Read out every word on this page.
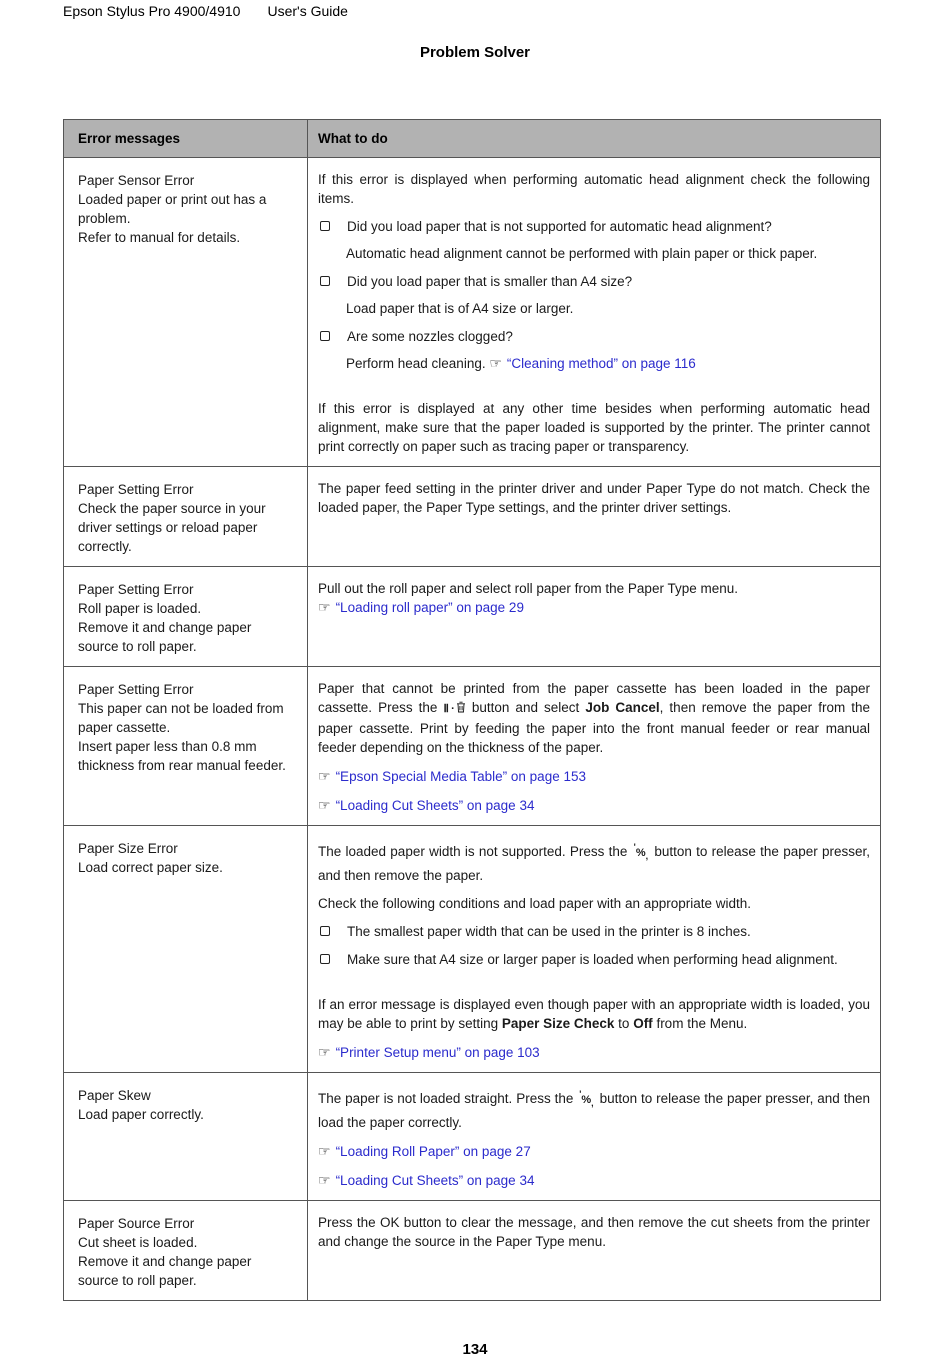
Epson Stylus Pro 4900/4910 User's Guide
Problem Solver
Error messages	What to do
Paper Sensor Error
Loaded paper or print out has a problem.
Refer to manual for details.
If this error is displayed when performing automatic head alignment check the following items.
Did you load paper that is not supported for automatic head alignment?
Automatic head alignment cannot be performed with plain paper or thick paper.
Did you load paper that is smaller than A4 size?
Load paper that is of A4 size or larger.
Are some nozzles clogged?
Perform head cleaning. ☞ “Cleaning method” on page 116
If this error is displayed at any other time besides when performing automatic head alignment, make sure that the paper loaded is supported by the printer. The printer cannot print correctly on paper such as tracing paper or transparency.
Paper Setting Error
Check the paper source in your driver settings or reload paper correctly.
The paper feed setting in the printer driver and under Paper Type do not match. Check the loaded paper, the Paper Type settings, and the printer driver settings.
Paper Setting Error
Roll paper is loaded.
Remove it and change paper source to roll paper.
Pull out the roll paper and select roll paper from the Paper Type menu.
☞ “Loading roll paper” on page 29
Paper Setting Error
This paper can not be loaded from paper cassette.
Insert paper less than 0.8 mm thickness from rear manual feeder.
Paper that cannot be printed from the paper cassette has been loaded in the paper cassette. Press the Ⅱ· button and select Job Cancel, then remove the paper from the paper cassette. Print by feeding the paper into the front manual feeder or rear manual feeder depending on the thickness of the paper.
☞ “Epson Special Media Table” on page 153
☞ “Loading Cut Sheets” on page 34
Paper Size Error
Load correct paper size.
The loaded paper width is not supported. Press the ' % , button to release the paper presser, and then remove the paper.
Check the following conditions and load paper with an appropriate width.
The smallest paper width that can be used in the printer is 8 inches.
Make sure that A4 size or larger paper is loaded when performing head alignment.
If an error message is displayed even though paper with an appropriate width is loaded, you may be able to print by setting Paper Size Check to Off from the Menu.
☞ “Printer Setup menu” on page 103
Paper Skew
Load paper correctly.
The paper is not loaded straight. Press the ' % , button to release the paper presser, and then load the paper correctly.
☞ “Loading Roll Paper” on page 27
☞ “Loading Cut Sheets” on page 34
Paper Source Error
Cut sheet is loaded.
Remove it and change paper source to roll paper.
Press the OK button to clear the message, and then remove the cut sheets from the printer and change the source in the Paper Type menu.
134
